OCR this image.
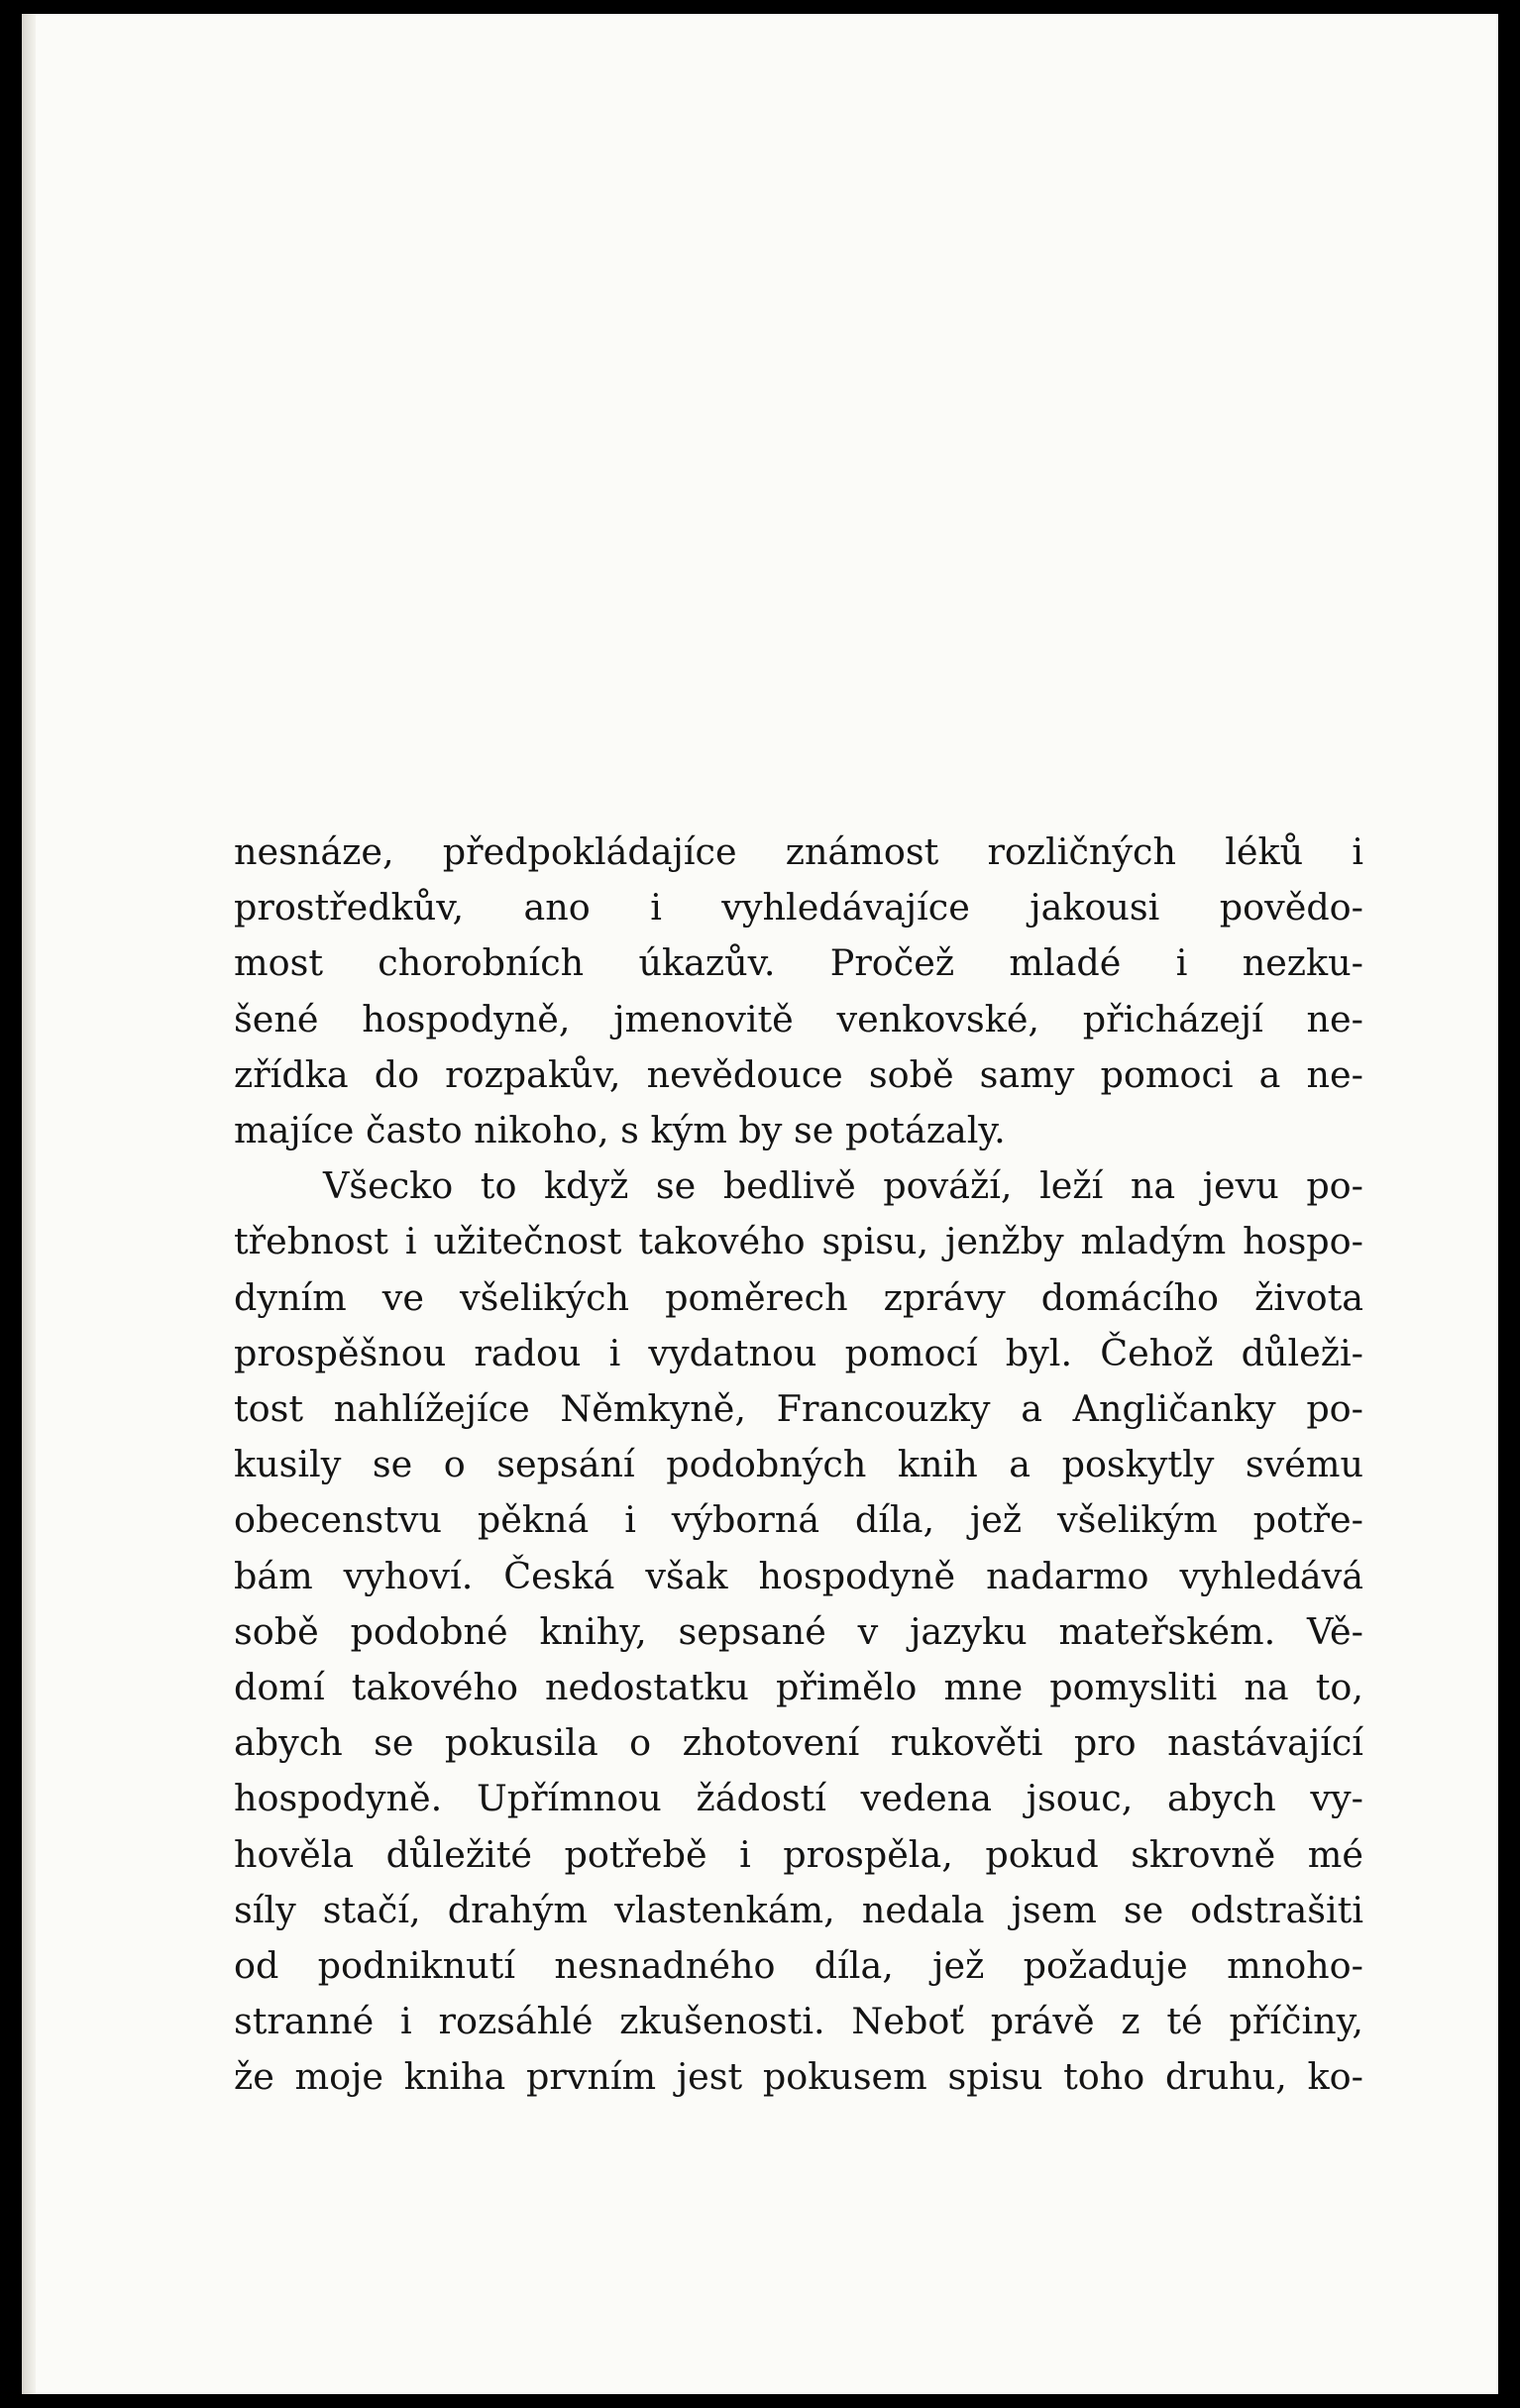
nesnáze, předpokládajíce známost rozličných léků i
prostředkův, ano i vyhledávajíce jakousi povědo-
most chorobních úkazův. Pročež mladé i nezku-
šené hospodyně, jmenovitě venkovské, přicházejí ne-
zřídka do rozpakův, nevědouce sobě samy pomoci a ne-
majíce často nikoho, s kým by se potázaly.
Všecko to když se bedlivě pováží, leží na jevu po-
třebnost i užitečnost takového spisu, jenžby mladým hospo-
dyním ve všelikých poměrech zprávy domácího života
prospěšnou radou i vydatnou pomocí byl. Čehož důleži-
tost nahlížejíce Němkyně, Francouzky a Angličanky po-
kusily se o sepsání podobných knih a poskytly svému
obecenstvu pěkná i výborná díla, jež všelikým potře-
bám vyhoví. Česká však hospodyně nadarmo vyhledává
sobě podobné knihy, sepsané v jazyku mateřském. Vě-
domí takového nedostatku přimělo mne pomysliti na to,
abych se pokusila o zhotovení rukověti pro nastávající
hospodyně. Upřímnou žádostí vedena jsouc, abych vy-
hověla důležité potřebě i prospěla, pokud skrovně mé
síly stačí, drahým vlastenkám, nedala jsem se odstrašiti
od podniknutí nesnadného díla, jež požaduje mnoho-
stranné i rozsáhlé zkušenosti. Neboť právě z té příčiny,
že moje kniha prvním jest pokusem spisu toho druhu, ko-
